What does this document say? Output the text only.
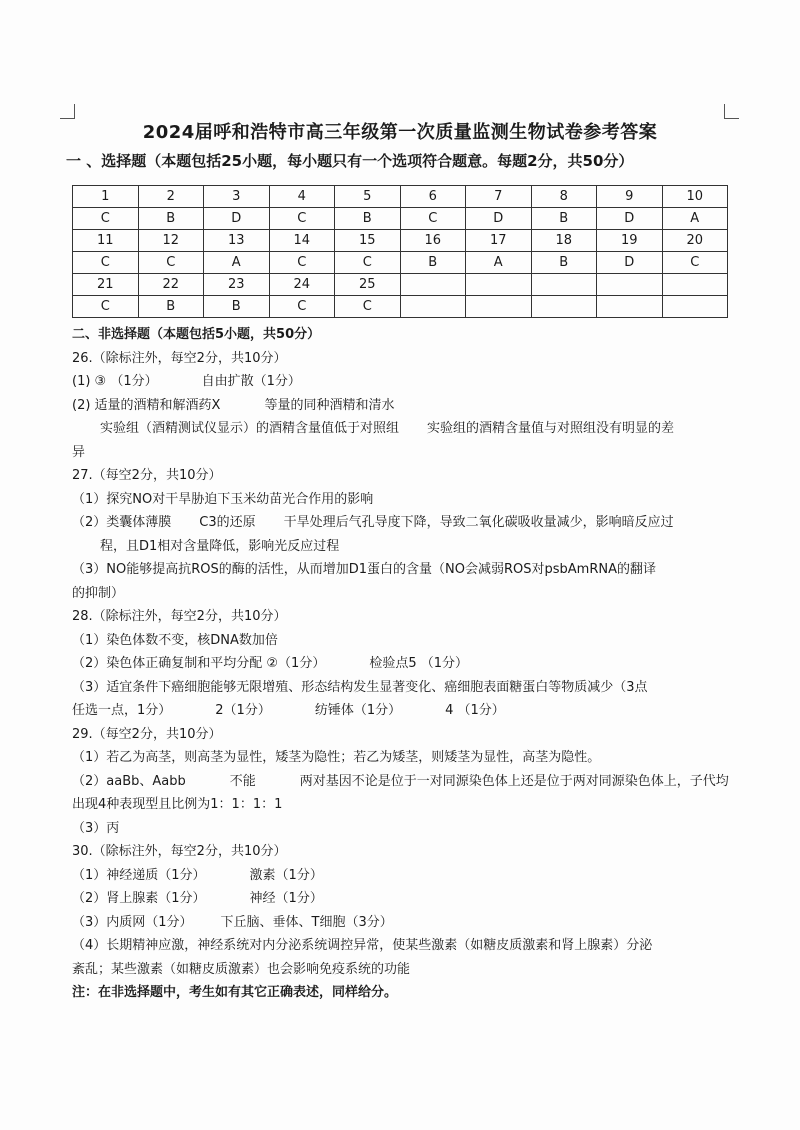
2024届呼和浩特市高三年级第一次质量监测生物试卷参考答案
一 、选择题（本题包括25小题，每小题只有一个选项符合题意。每题2分，共50分）
1	2	3	4	5	6	7	8	9	10
C	B	D	C	B	C	D	B	D	A
11	12	13	14	15	16	17	18	19	20
C	C	A	C	C	B	A	B	D	C
21	22	23	24	25					
C	B	B	C	C					
二、非选择题（本题包括5小题，共50分）
26.（除标注外，每空2分，共10分）
(1) ③ （1分）	自由扩散（1分）
(2) 适量的酒精和解酒药X	等量的同种酒精和清水
实验组（酒精测试仪显示）的酒精含量值低于对照组 实验组的酒精含量值与对照组没有明显的差
异
27.（每空2分，共10分）
（1）探究NO对干旱胁迫下玉米幼苗光合作用的影响
（2）类囊体薄膜 C3的还原 干旱处理后气孔导度下降，导致二氧化碳吸收量减少，影响暗反应过
程，且D1相对含量降低，影响光反应过程
（3）NO能够提高抗ROS的酶的活性，从而增加D1蛋白的含量（NO会减弱ROS对psbAmRNA的翻译
的抑制）
28.（除标注外，每空2分，共10分）
（1）染色体数不变，核DNA数加倍
（2）染色体正确复制和平均分配 ②（1分）	检验点5 （1分）
（3）适宜条件下癌细胞能够无限增殖、形态结构发生显著变化、癌细胞表面糖蛋白等物质减少（3点
任选一点，1分）	2（1分）	纺锤体（1分）	4 （1分）
29.（每空2分，共10分）
（1）若乙为高茎，则高茎为显性，矮茎为隐性；若乙为矮茎，则矮茎为显性，高茎为隐性。
（2）aaBb、Aabb	不能	两对基因不论是位于一对同源染色体上还是位于两对同源染色体上，子代均
出现4种表现型且比例为1：1：1：1
（3）丙
30.（除标注外，每空2分，共10分）
（1）神经递质（1分）	激素（1分）
（2）肾上腺素（1分）	神经（1分）
（3）内质网（1分） 下丘脑、垂体、T细胞（3分）
（4）长期精神应激，神经系统对内分泌系统调控异常，使某些激素（如糖皮质激素和肾上腺素）分泌
紊乱；某些激素（如糖皮质激素）也会影响免疫系统的功能
注：在非选择题中，考生如有其它正确表述，同样给分。
